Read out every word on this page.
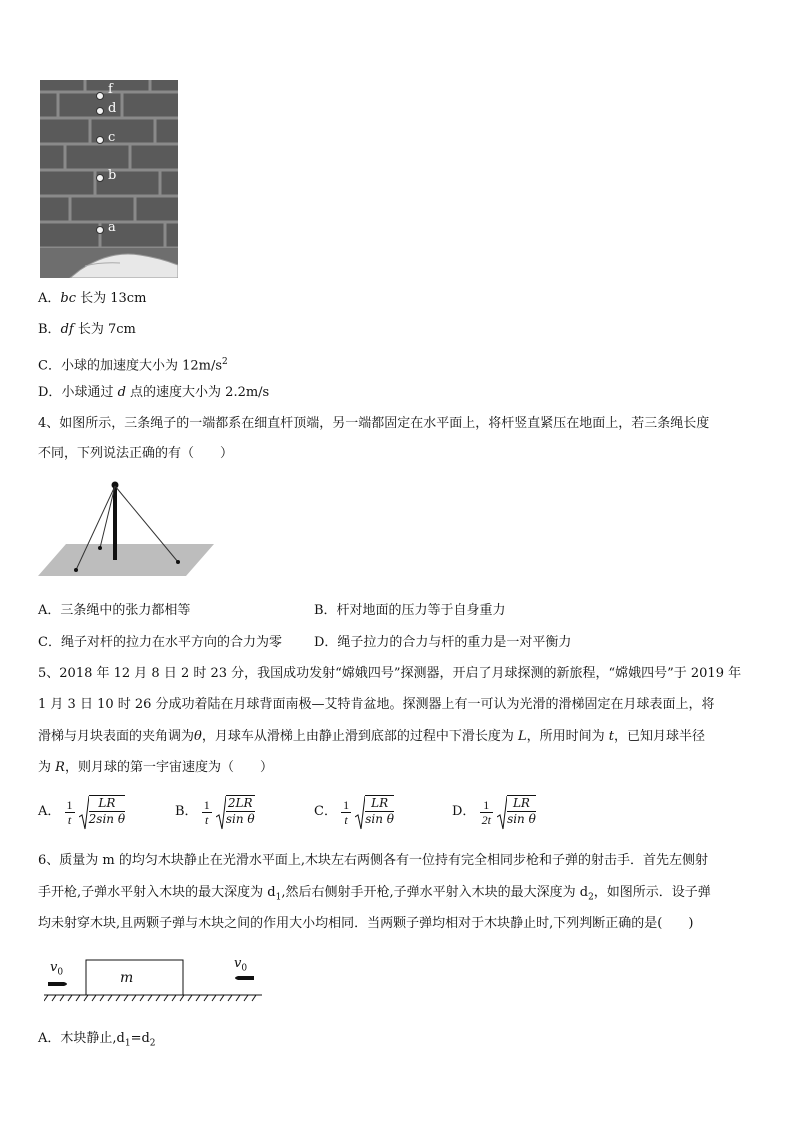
f
d
c
b
a
A．bc 长为 13cm
B．df 长为 7cm
C．小球的加速度大小为 $12m/s^2$
D．小球通过 d 点的速度大小为 2.2m/s
4、如图所示，三条绳子的一端都系在细直杆顶端，另一端都固定在水平面上，将杆竖直紧压在地面上，若三条绳长度
不同，下列说法正确的有（　　）
A．三条绳中的张力都相等	B．杆对地面的压力等于自身重力
C．绳子对杆的拉力在水平方向的合力为零 D．绳子拉力的合力与杆的重力是一对平衡力
5、2018 年 12 月 8 日 2 时 23 分，我国成功发射“嫦娥四号”探测器，开启了月球探测的新旅程，“嫦娥四号”于 2019 年
1 月 3 日 10 时 26 分成功着陆在月球背面南极—艾特肯盆地。探测器上有一可认为光滑的滑梯固定在月球表面上，将
滑梯与月块表面的夹角调为θ，月球车从滑梯上由静止滑到底部的过程中下滑长度为 L，所用时间为 t，已知月球半径
为 R，则月球的第一宇宙速度为（　　）
A． $\frac{1}{t}$
$\frac{LR}{\text{2sin θ}}$	B． $\frac{1}{t}$
$\frac{2LR}{\text{sin θ}}$	C． $\frac{1}{t}$
$\frac{LR}{\text{sin θ}}$	D． $\frac{1}{2t}$
$\frac{LR}{\text{sin θ}}$
6、质量为 m 的均匀木块静止在光滑水平面上,木块左右两侧各有一位持有完全相同步枪和子弹的射击手．首先左侧射
手开枪,子弹水平射入木块的最大深度为 $d_1$,然后右侧射手开枪,子弹水平射入木块的最大深度为 $d_2$，如图所示．设子弹
均未射穿木块,且两颗子弹与木块之间的作用大小均相同．当两颗子弹均相对于木块静止时,下列判断正确的是(　　)
$v_0$	m
$v_0$
A．木块静止$,d_1=d_2$
